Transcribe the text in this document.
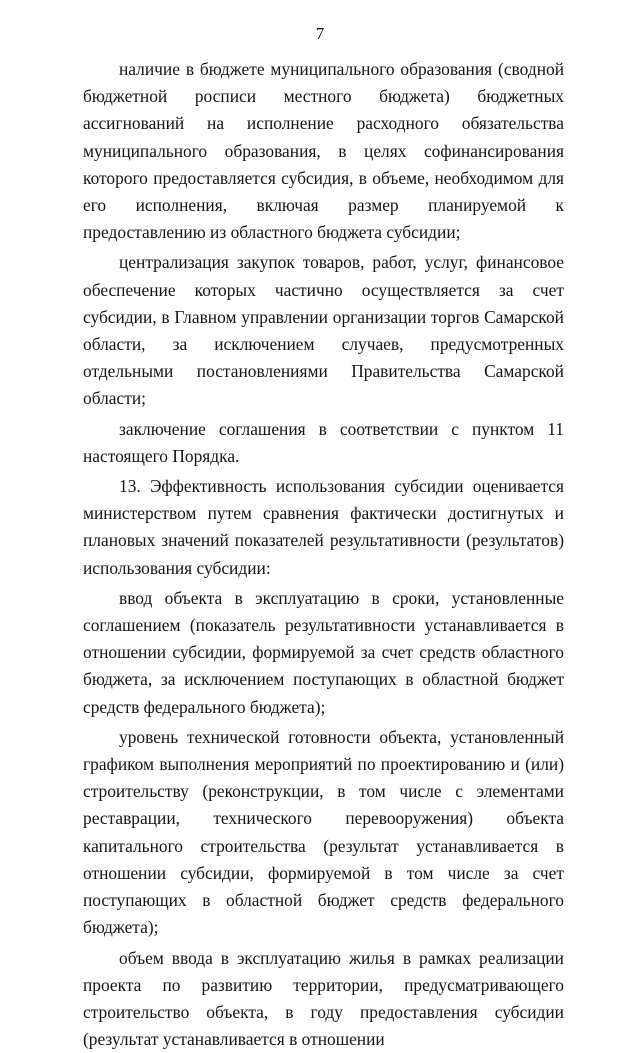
7

наличие в бюджете муниципального образования (сводной бюджетной росписи местного бюджета) бюджетных ассигнований на исполнение расходного обязательства муниципального образования, в целях софинансирования которого предоставляется субсидия, в объеме, необходимом для его исполнения, включая размер планируемой к предоставлению из областного бюджета субсидии;

централизация закупок товаров, работ, услуг, финансовое обеспечение которых частично осуществляется за счет субсидии, в Главном управлении организации торгов Самарской области, за исключением случаев, предусмотренных отдельными постановлениями Правительства Самарской области;

заключение соглашения в соответствии с пунктом 11 настоящего Порядка.

13. Эффективность использования субсидии оценивается министерством путем сравнения фактически достигнутых и плановых значений показателей результативности (результатов) использования субсидии:

ввод объекта в эксплуатацию в сроки, установленные соглашением (показатель результативности устанавливается в отношении субсидии, формируемой за счет средств областного бюджета, за исключением поступающих в областной бюджет средств федерального бюджета);

уровень технической готовности объекта, установленный графиком выполнения мероприятий по проектированию и (или) строительству (реконструкции, в том числе с элементами реставрации, технического перевооружения) объекта капитального строительства (результат устанавливается в отношении субсидии, формируемой в том числе за счет поступающих в областной бюджет средств федерального бюджета);

объем ввода в эксплуатацию жилья в рамках реализации проекта по развитию территории, предусматривающего строительство объекта, в году предоставления субсидии (результат устанавливается в отношении
